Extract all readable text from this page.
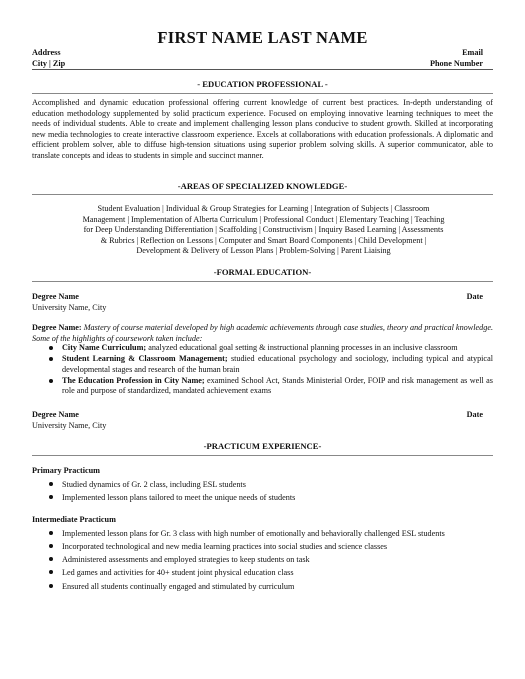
FIRST NAME LAST NAME
Address
City | Zip
Email
Phone Number
- EDUCATION PROFESSIONAL -
Accomplished and dynamic education professional offering current knowledge of current best practices. In-depth understanding of education methodology supplemented by solid practicum experience. Focused on employing innovative learning techniques to meet the needs of individual students. Able to create and implement challenging lesson plans conducive to student growth. Skilled at incorporating new media technologies to create interactive classroom experience. Excels at collaborations with education professionals. A diplomatic and efficient problem solver, able to diffuse high-tension situations using superior problem solving skills. A superior communicator, able to translate concepts and ideas to students in simple and succinct manner.
-AREAS OF SPECIALIZED KNOWLEDGE-
Student Evaluation | Individual & Group Strategies for Learning | Integration of Subjects | Classroom
Management | Implementation of Alberta Curriculum | Professional Conduct | Elementary Teaching | Teaching
for Deep Understanding Differentiation | Scaffolding | Constructivism | Inquiry Based Learning | Assessments
& Rubrics | Reflection on Lessons | Computer and Smart Board Components | Child Development |
Development & Delivery of Lesson Plans | Problem-Solving | Parent Liaising
-FORMAL EDUCATION-
Degree Name	Date
University Name, City
Degree Name: Mastery of course material developed by high academic achievements through case studies, theory and practical knowledge. Some of the highlights of coursework taken include:
City Name Curriculum; analyzed educational goal setting & instructional planning processes in an inclusive classroom
Student Learning & Classroom Management; studied educational psychology and sociology, including typical and atypical developmental stages and research of the human brain
The Education Profession in City Name; examined School Act, Stands Ministerial Order, FOIP and risk management as well as role and purpose of standardized, mandated achievement exams
Degree Name	Date
University Name, City
-PRACTICUM EXPERIENCE-
Primary Practicum
Studied dynamics of Gr. 2 class, including ESL students
Implemented lesson plans tailored to meet the unique needs of students
Intermediate Practicum
Implemented lesson plans for Gr. 3 class with high number of emotionally and behaviorally challenged ESL students
Incorporated technological and new media learning practices into social studies and science classes
Administered assessments and employed strategies to keep students on task
Led games and activities for 40+ student joint physical education class
Ensured all students continually engaged and stimulated by curriculum
